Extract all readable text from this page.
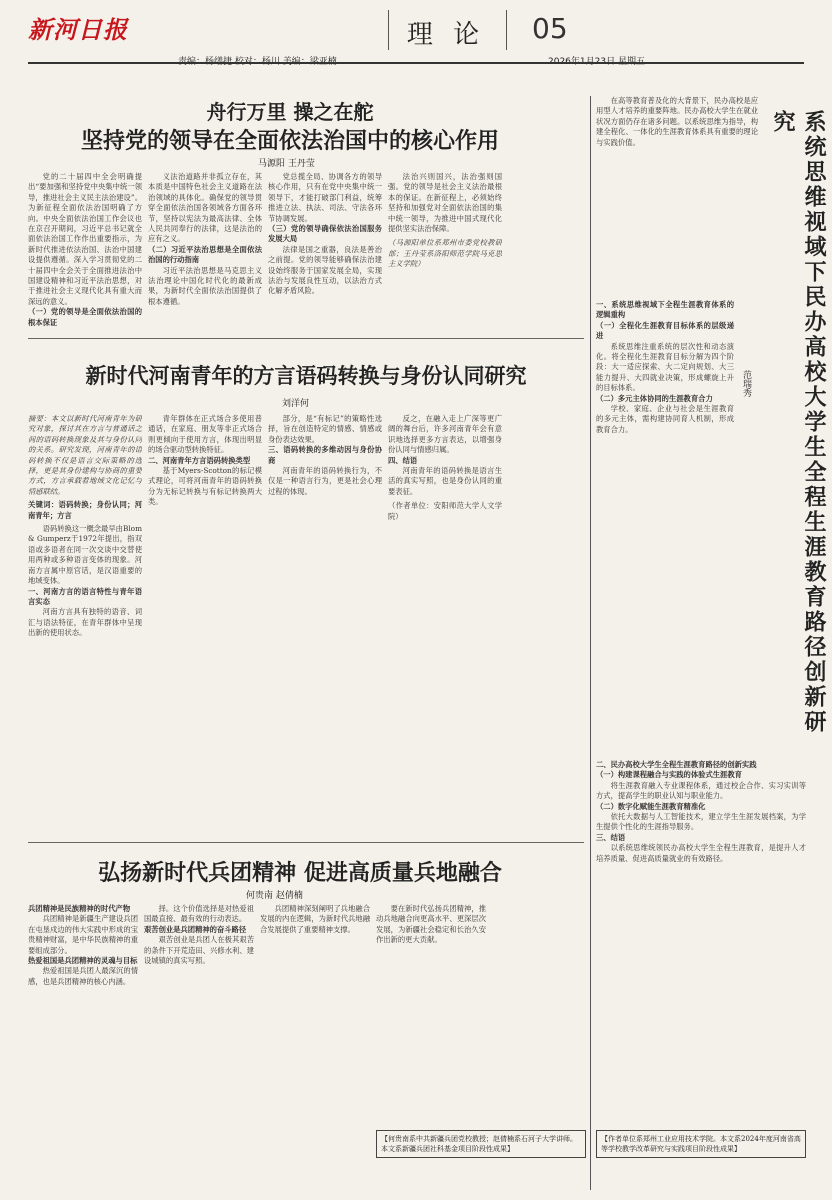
新河日报	理 论	05
责编：杨缮捷 校对：杨川 美编：梁亚楠	2026年1月23日 星期五
舟行万里 操之在舵
坚持党的领导在全面依法治国中的核心作用
马源阳 王丹莹

党的二十届四中全会明确提出“要加强和坚持党中央集中统一领导，推进社会主义民主法治建设”。为新征程全面依法治国明确了方向。中央全面依法治国工作会议也在京召开期间，习近平总书记就全面依法治国工作作出重要指示，为新时代推进依法治国、法治中国建设提供遵循。深入学习贯彻党的二十届四中全会关于全面推进法治中国建设精神和习近平法治思想，对于推进社会主义现代化具有重大而深远的意义。

（一）党的领导是全面依法治国的根本保证

义法治道路并非孤立存在，其本质是中国特色社会主义道路在法治领域的具体化。确保党的领导贯穿全面依法治国各领域各方面各环节，坚持以宪法为最高法律、全体人民共同奉行的法律，这是法治的应有之义。

（二）习近平法治思想是全面依法治国的行动指南

习近平法治思想是马克思主义法治理论中国化时代化的最新成果，为新时代全面依法治国提供了根本遵循。

党总揽全局、协调各方的领导核心作用，只有在党中央集中统一领导下，才能打破部门利益，统筹推进立法、执法、司法、守法各环节协调发展。

（三）党的领导确保依法治国服务发展大局

法律是国之重器，良法是善治之前提。党的领导能够确保法治建设始终服务于国家发展全局，实现法治与发展良性互动，以法治方式化解矛盾风险。

法治兴则国兴，法治强则国强。党的领导是社会主义法治最根本的保证。在新征程上，必须始终坚持和加强党对全面依法治国的集中统一领导，为推进中国式现代化提供坚实法治保障。

（马源阳单位系郑州市委党校教研部；王丹莹系洛阳师范学院马克思主义学院）

新时代河南青年的方言语码转换与身份认同研究
刘洋何
摘要：本文以新时代河南青年为研究对象，探讨其在方言与普通话之间的语码转换现象及其与身份认同的关系。研究发现，河南青年的语码转换不仅是语言交际策略的选择，更是其身份建构与协商的重要方式，方言承载着地域文化记忆与情感联结。
关键词：语码转换；身份认同；河南青年；方言

语码转换这一概念最早由Blom & Gumperz于1972年提出，指双语或多语者在同一次交谈中交替使用两种或多种语言变体的现象。河南方言属中原官话，是汉语重要的地域变体。

一、河南方言的语言特性与青年语言实态

河南方言具有独特的语音、词汇与语法特征，在青年群体中呈现出新的使用状态。

青年群体在正式场合多使用普通话，在家庭、朋友等非正式场合则更倾向于使用方言，体现出明显的场合驱动型转换特征。

二、河南青年方言语码转换类型

基于Myers-Scotton的标记模式理论，可将河南青年的语码转换分为无标记转换与有标记转换两大类。

部分，是“有标记”的策略性选择，旨在创造特定的情感、情感或身份表达效果。

三、语码转换的多维动因与身份协商

河南青年的语码转换行为，不仅是一种语言行为，更是社会心理过程的体现。

反之，在融入走上广深等更广阔的舞台后，许多河南青年会有意识地选择更多方言表达，以增强身份认同与情感归属。

四、结语

河南青年的语码转换是语言生活的真实写照，也是身份认同的重要表征。

（作者单位：安阳师范大学人文学院）

弘扬新时代兵团精神 促进高质量兵地融合
何贵南 赵倩楠
兵团精神是民族精神的时代产物

兵团精神是新疆生产建设兵团在屯垦戍边的伟大实践中形成的宝贵精神财富，是中华民族精神的重要组成部分。

热爱祖国是兵团精神的灵魂与目标

热爱祖国是兵团人最深沉的情感，也是兵团精神的核心内涵。

择。这个价值选择是对热爱祖国最直接、最有效的行动表达。

艰苦创业是兵团精神的奋斗路径

艰苦创业是兵团人在极其艰苦的条件下开荒造田、兴修水利、建设城镇的真实写照。

兵团精神深刻阐明了兵地融合发展的内在逻辑，为新时代兵地融合发展提供了重要精神支撑。

要在新时代弘扬兵团精神，推动兵地融合向更高水平、更深层次发展，为新疆社会稳定和长治久安作出新的更大贡献。

【何贵南系中共新疆兵团党校教授；赵倩楠系石河子大学讲师。本文系新疆兵团社科基金项目阶段性成果】

在高等教育普及化的大背景下，民办高校是应用型人才培养的重要阵地。民办高校大学生在就业状况方面仍存在诸多问题。以系统思维为指导，构建全程化、一体化的生涯教育体系具有重要的理论与实践价值。	系统思维视域下民办高校大学生全程生涯教育路径创新研究
范瑞秀
一、系统思维视域下全程生涯教育体系的逻辑重构
（一）全程化生涯教育目标体系的层级递进

系统思维注重系统的层次性和动态演化。将全程化生涯教育目标分解为四个阶段：大一适应探索、大二定向规划、大三能力提升、大四就业决策，形成螺旋上升的目标体系。

（二）多元主体协同的生涯教育合力

学校、家庭、企业与社会是生涯教育的多元主体，需构建协同育人机制，形成教育合力。

二、民办高校大学生全程生涯教育路径的创新实践
（一）构建课程融合与实践的体验式生涯教育

将生涯教育融入专业课程体系，通过校企合作、实习实训等方式，提高学生的职业认知与职业能力。

（二）数字化赋能生涯教育精准化

依托大数据与人工智能技术，建立学生生涯发展档案，为学生提供个性化的生涯指导服务。

三、结语

以系统思维统领民办高校大学生全程生涯教育，是提升人才培养质量、促进高质量就业的有效路径。

【作者单位系郑州工业应用技术学院。本文系2024年度河南省高等学校教学改革研究与实践项目阶段性成果】
